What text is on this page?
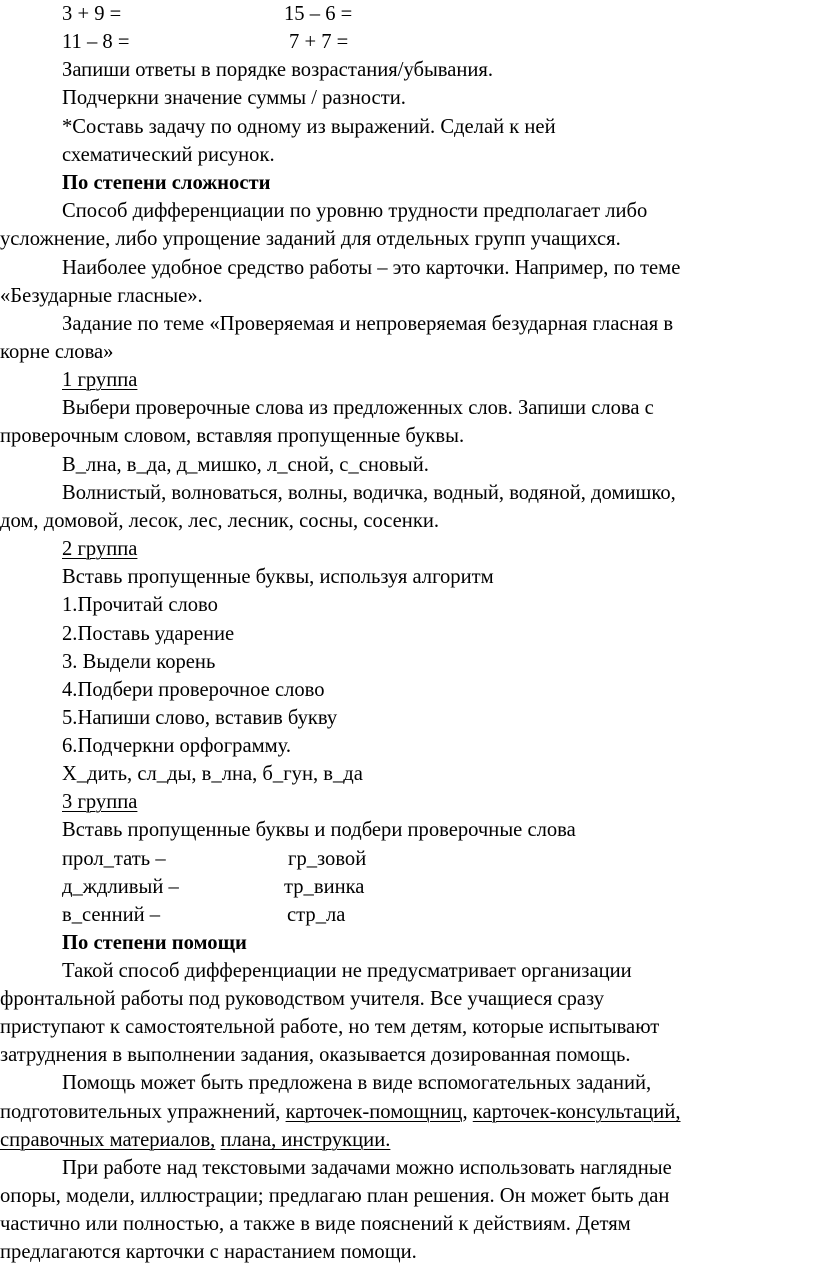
3 + 9 =	15 – 6 =
11 – 8 =	7 + 7 =
Запиши ответы в порядке возрастания/убывания.
Подчеркни значение суммы / разности.
*Составь задачу по одному из выражений. Сделай к ней
схематический рисунок.
По степени сложности
Способ дифференциации по уровню трудности предполагает либо
усложнение, либо упрощение заданий для отдельных групп учащихся.
Наиболее удобное средство работы – это карточки. Например, по теме
«Безударные гласные».
Задание по теме «Проверяемая и непроверяемая безударная гласная в
корне слова»
1 группа
Выбери проверочные слова из предложенных слов. Запиши слова с
проверочным словом, вставляя пропущенные буквы.
В_лна, в_да, д_мишко, л_сной, с_сновый.
Волнистый, волноваться, волны, водичка, водный, водяной, домишко,
дом, домовой, лесок, лес, лесник, сосны, сосенки.
2 группа
Вставь пропущенные буквы, используя алгоритм
1.Прочитай слово
2.Поставь ударение
3. Выдели корень
4.Подбери проверочное слово
5.Напиши слово, вставив букву
6.Подчеркни орфограмму.
Х_дить, сл_ды, в_лна, б_гун, в_да
3 группа
Вставь пропущенные буквы и подбери проверочные слова
прол_тать –	гр_зовой
д_ждливый –	тр_винка
в_сенний –	стр_ла
По степени помощи
Такой способ дифференциации не предусматривает организации
фронтальной работы под руководством учителя. Все учащиеся сразу
приступают к самостоятельной работе, но тем детям, которые испытывают
затруднения в выполнении задания, оказывается дозированная помощь.
Помощь может быть предложена в виде вспомогательных заданий,
подготовительных упражнений, карточек-помощниц, карточек-консультаций,
справочных материалов, плана, инструкции.
При работе над текстовыми задачами можно использовать наглядные
опоры, модели, иллюстрации; предлагаю план решения. Он может быть дан
частично или полностью, а также в виде пояснений к действиям. Детям
предлагаются карточки с нарастанием помощи.
